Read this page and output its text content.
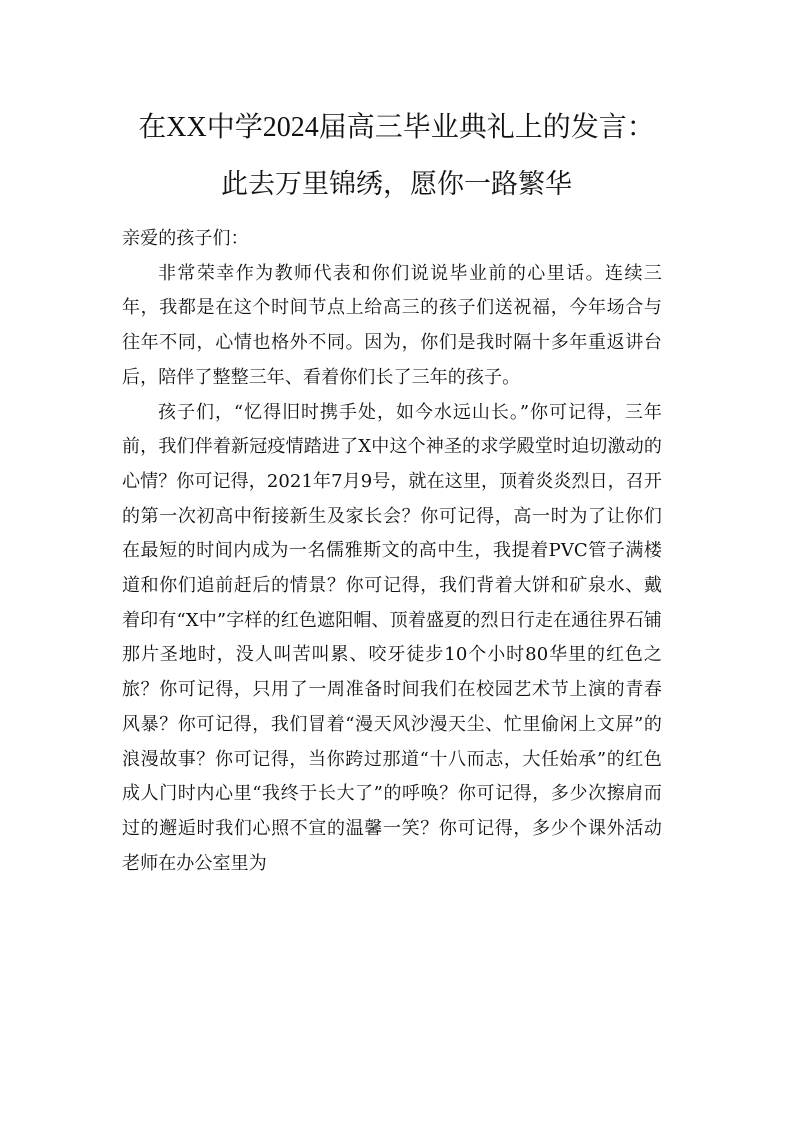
在XX中学2024届高三毕业典礼上的发言：
此去万里锦绣，愿你一路繁华

亲爱的孩子们：

非常荣幸作为教师代表和你们说说毕业前的心里话。连续三年，我都是在这个时间节点上给高三的孩子们送祝福，今年场合与往年不同，心情也格外不同。因为，你们是我时隔十多年重返讲台后，陪伴了整整三年、看着你们长了三年的孩子。

孩子们，“忆得旧时携手处，如今水远山长。”你可记得，三年前，我们伴着新冠疫情踏进了X中这个神圣的求学殿堂时迫切激动的心情？你可记得，2021年7月9号，就在这里，顶着炎炎烈日，召开的第一次初高中衔接新生及家长会？你可记得，高一时为了让你们在最短的时间内成为一名儒雅斯文的高中生，我提着PVC管子满楼道和你们追前赶后的情景？你可记得，我们背着大饼和矿泉水、戴着印有“X中”字样的红色遮阳帽、顶着盛夏的烈日行走在通往界石铺那片圣地时，没人叫苦叫累、咬牙徒步10个小时80华里的红色之旅？你可记得，只用了一周准备时间我们在校园艺术节上演的青春风暴？你可记得，我们冒着“漫天风沙漫天尘、忙里偷闲上文屏”的浪漫故事？你可记得，当你跨过那道“十八而志，大任始承”的红色成人门时内心里“我终于长大了”的呼唤？你可记得，多少次擦肩而过的邂逅时我们心照不宣的温馨一笑？你可记得，多少个课外活动老师在办公室里为
